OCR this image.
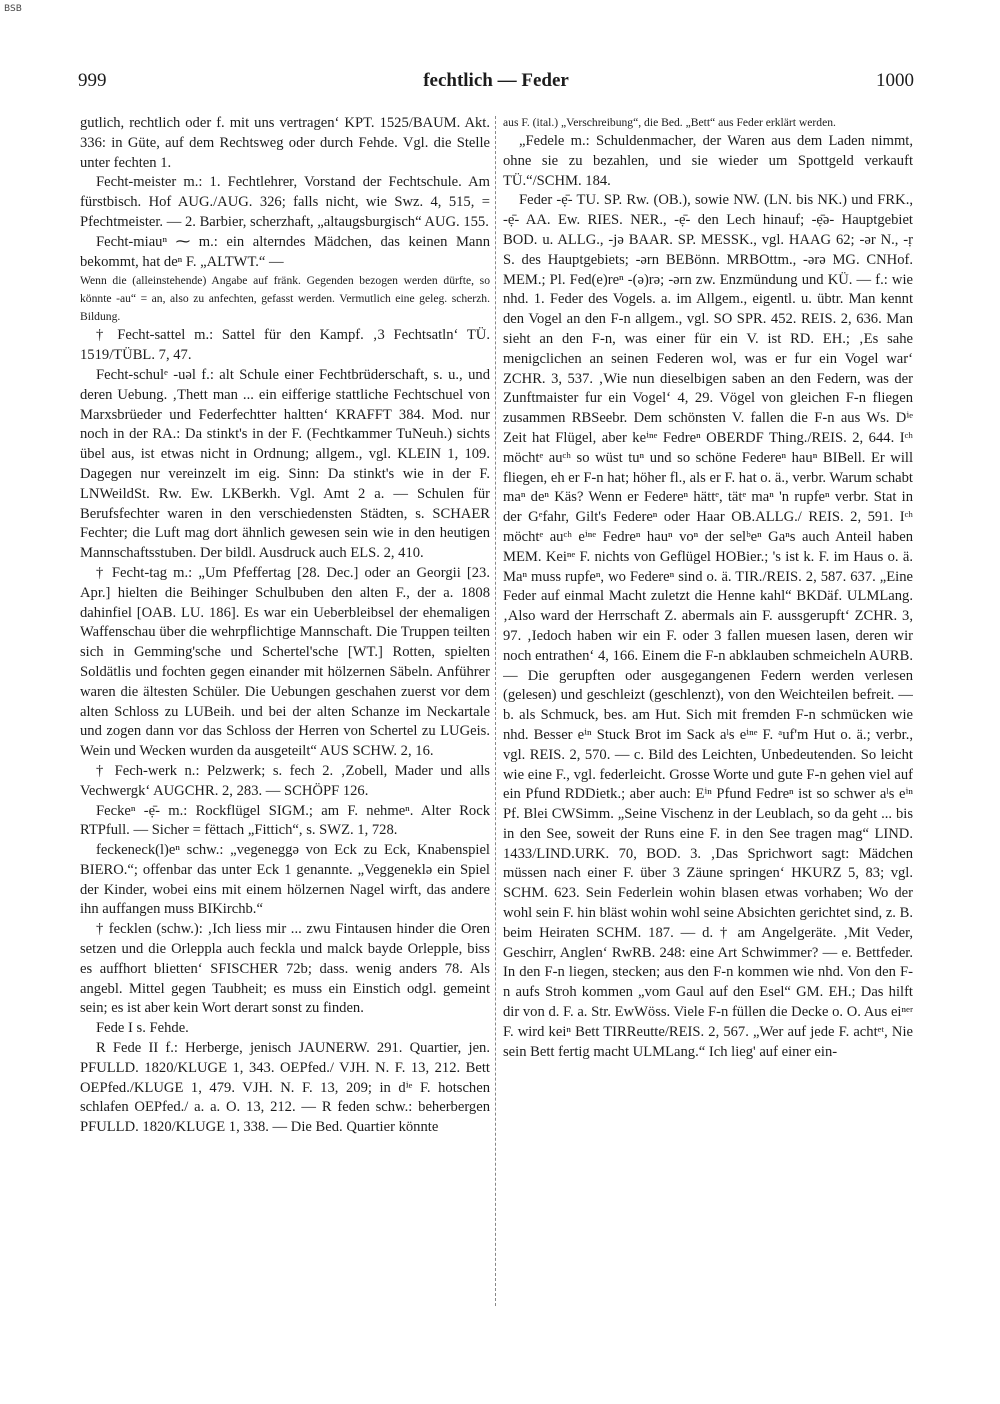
BSB
999	fechtlich — Feder	1000

gutlich, rechtlich oder f. mit uns vertragen‘ KPT. 1525/BAUM. Akt. 336: in Güte, auf dem Rechtsweg oder durch Fehde. Vgl. die Stelle unter fechten 1.

Fecht-meister m.: 1. Fechtlehrer, Vorstand der Fechtschule. Am fürstbisch. Hof AUG./AUG. 326; falls nicht, wie Swz. 4, 515, = Pfechtmeister. — 2. Barbier, scherzhaft, „altaugsburgisch“ AUG. 155.

Fecht-miauⁿ ⁓ m.: ein alterndes Mädchen, das keinen Mann bekommt, hat deⁿ F. „ALTWT.“ —

Wenn die (alleinstehende) Angabe auf fränk. Gegenden bezogen werden dürfte, so könnte -au“ = an, also zu anfechten, gefasst werden. Vermutlich eine geleg. scherzh. Bildung.

† Fecht-sattel m.: Sattel für den Kampf. ‚3 Fechtsatln‘ TÜ. 1519/TÜBL. 7, 47.

Fecht-schulᵉ -uəl f.: alt Schule einer Fechtbrüderschaft, s. u., und deren Uebung. ‚Thett man ... ein eifferige stattliche Fechtschuel von Marxsbrüeder und Federfechtter haltten‘ KRAFFT 384. Mod. nur noch in der RA.: Da stinkt's in der F. (Fechtkammer TuNeuh.) sichts übel aus, ist etwas nicht in Ordnung; allgem., vgl. KLEIN 1, 109. Dagegen nur vereinzelt im eig. Sinn: Da stinkt's wie in der F. LNWeildSt. Rw. Ew. LKBerkh. Vgl. Amt 2 a. — Schulen für Berufsfechter waren in den verschiedensten Städten, s. SCHAER Fechter; die Luft mag dort ähnlich gewesen sein wie in den heutigen Mannschaftsstuben. Der bildl. Ausdruck auch ELS. 2, 410.

† Fecht-tag m.: „Um Pfeffertag [28. Dec.] oder an Georgii [23. Apr.] hielten die Beihinger Schulbuben den alten F., der a. 1808 dahinfiel [OAB. LU. 186]. Es war ein Ueberbleibsel der ehemaligen Waffenschau über die wehrpflichtige Mannschaft. Die Truppen teilten sich in Gemming'sche und Schertel'sche [WT.] Rotten, spielten Soldätlis und fochten gegen einander mit hölzernen Säbeln. Anführer waren die ältesten Schüler. Die Uebungen geschahen zuerst vor dem alten Schloss zu LUBeih. und bei der alten Schanze im Neckartale und zogen dann vor das Schloss der Herren von Schertel zu LUGeis. Wein und Wecken wurden da ausgeteilt“ AUS SCHW. 2, 16.

† Fech-werk n.: Pelzwerk; s. fech 2. ‚Zobell, Mader und alls Vechwergk‘ AUGCHR. 2, 283. — SCHÖPF 126.

Feckeⁿ -ẹ̄- m.: Rockflügel SIGM.; am F. nehmeⁿ. Alter Rock RTPfull. — Sicher = fëttach „Fittich“, s. SWZ. 1, 728.

feckeneck(l)eⁿ schw.: „vegeneggə von Eck zu Eck, Knabenspiel BIERO.“; offenbar das unter Eck 1 genannte. „Veggeneklə ein Spiel der Kinder, wobei eins mit einem hölzernen Nagel wirft, das andere ihn auffangen muss BIKirchb.“

† fecklen (schw.): ‚Ich liess mir ... zwu Fintausen hinder die Oren setzen und die Orleppla auch feckla und malck bayde Orlepple, biss es auffhort blietten‘ SFISCHER 72b; dass. wenig anders 78. Als angebl. Mittel gegen Taubheit; es muss ein Einstich odgl. gemeint sein; es ist aber kein Wort derart sonst zu finden.

Fede I s. Fehde.

R Fede II f.: Herberge, jenisch JAUNERW. 291. Quartier, jen. PFULLD. 1820/KLUGE 1, 343. OEPfed./ VJH. N. F. 13, 212. Bett OEPfed./KLUGE 1, 479. VJH. N. F. 13, 209; in dⁱᵉ F. hotschen schlafen OEPfed./ a. a. O. 13, 212. — R feden schw.: beherbergen PFULLD. 1820/KLUGE 1, 338. — Die Bed. Quartier könnte

aus F. (ital.) „Verschreibung“, die Bed. „Bett“ aus Feder erklärt werden.

„Fedele m.: Schuldenmacher, der Waren aus dem Laden nimmt, ohne sie zu bezahlen, und sie wieder um Spottgeld verkauft TÜ.“/SCHM. 184.

Feder -ẹ̄- TU. SP. Rw. (OB.), sowie NW. (LN. bis NK.) und FRK., -ẹ̄- AA. Ew. RIES. NER., -ẹ̄- den Lech hinauf; -ẹ̄ə- Hauptgebiet BOD. u. ALLG., -jə BAAR. SP. MESSK., vgl. HAAG 62; -ər N., -ṛ S. des Hauptgebiets; -ərn BEBönn. MRBOttm., -ərə MG. CNHof. MEM.; Pl. Fed(e)reⁿ -(ə)rə; -ərn zw. Enzmündung und KÜ. — f.: wie nhd. 1. Feder des Vogels. a. im Allgem., eigentl. u. übtr. Man kennt den Vogel an den F-n allgem., vgl. SO SPR. 452. REIS. 2, 636. Man sieht an den F-n, was einer für ein V. ist RD. EH.; ‚Es sahe menigclichen an seinen Federen wol, was er fur ein Vogel war‘ ZCHR. 3, 537. ‚Wie nun dieselbigen saben an den Federn, was der Zunftmaister fur ein Vogel‘ 4, 29. Vögel von gleichen F-n fliegen zusammen RBSeebr. Dem schönsten V. fallen die F-n aus Ws. Dⁱᵉ Zeit hat Flügel, aber keⁱⁿᵉ Fedreⁿ OBERDF Thing./REIS. 2, 644. Iᶜʰ möchtᵉ auᶜʰ so wüst tuⁿ und so schöne Federeⁿ hauⁿ BIBell. Er will fliegen, eh er F-n hat; höher fl., als er F. hat o. ä., verbr. Warum schabt maⁿ deⁿ Käs? Wenn er Federeⁿ hättᵉ, tätᵉ maⁿ 'n rupfeⁿ verbr. Stat in der Gᵉfahr, Gilt's Federeⁿ oder Haar OB.ALLG./ REIS. 2, 591. Iᶜʰ möchtᵉ auᶜʰ eⁱⁿᵉ Fedreⁿ hauⁿ voⁿ der selᵇeⁿ Gaⁿs auch Anteil haben MEM. Keiⁿᵉ F. nichts von Geflügel HOBier.; 's ist k. F. im Haus o. ä. Maⁿ muss rupfeⁿ, wo Federeⁿ sind o. ä. TIR./REIS. 2, 587. 637. „Eine Feder auf einmal Macht zuletzt die Henne kahl“ BKDäf. ULMLang. ‚Also ward der Herrschaft Z. abermals ain F. aussgerupft‘ ZCHR. 3, 97. ‚Iedoch haben wir ein F. oder 3 fallen muesen lasen, deren wir noch entrathen‘ 4, 166. Einem die F-n abklauben schmeicheln AURB. — Die gerupften oder ausgegangenen Federn werden verlesen (gelesen) und geschleizt (geschlenzt), von den Weichteilen befreit. — b. als Schmuck, bes. am Hut. Sich mit fremden F-n schmücken wie nhd. Besser eⁱⁿ Stuck Brot im Sack aˡs eⁱⁿᵉ F. ᵃuf'm Hut o. ä.; verbr., vgl. REIS. 2, 570. — c. Bild des Leichten, Unbedeutenden. So leicht wie eine F., vgl. federleicht. Grosse Worte und gute F-n gehen viel auf ein Pfund RDDietk.; aber auch: Eⁱⁿ Pfund Fedreⁿ ist so schwer aˡs eⁱⁿ Pf. Blei CWSimm. „Seine Vischenz in der Leublach, so da geht ... bis in den See, soweit der Runs eine F. in den See tragen mag“ LIND. 1433/LIND.URK. 70, BOD. 3. ‚Das Sprichwort sagt: Mädchen müssen nach einer F. über 3 Zäune springen‘ HKURZ 5, 83; vgl. SCHM. 623. Sein Federlein wohin blasen etwas vorhaben; Wo der wohl sein F. hin bläst wohin wohl seine Absichten gerichtet sind, z. B. beim Heiraten SCHM. 187. — d. † am Angelgeräte. ‚Mit Veder, Geschirr, Anglen‘ RwRB. 248: eine Art Schwimmer? — e. Bettfeder. In den F-n liegen, stecken; aus den F-n kommen wie nhd. Von den F-n aufs Stroh kommen „vom Gaul auf den Esel“ GM. EH.; Das hilft dir von d. F. a. Str. EwWöss. Viele F-n füllen die Decke o. O. Aus eiⁿᵉʳ F. wird keiⁿ Bett TIRReutte/REIS. 2, 567. „Wer auf jede F. achtᵉᵗ, Nie sein Bett fertig macht ULMLang.“ Ich lieg' auf einer ein-
